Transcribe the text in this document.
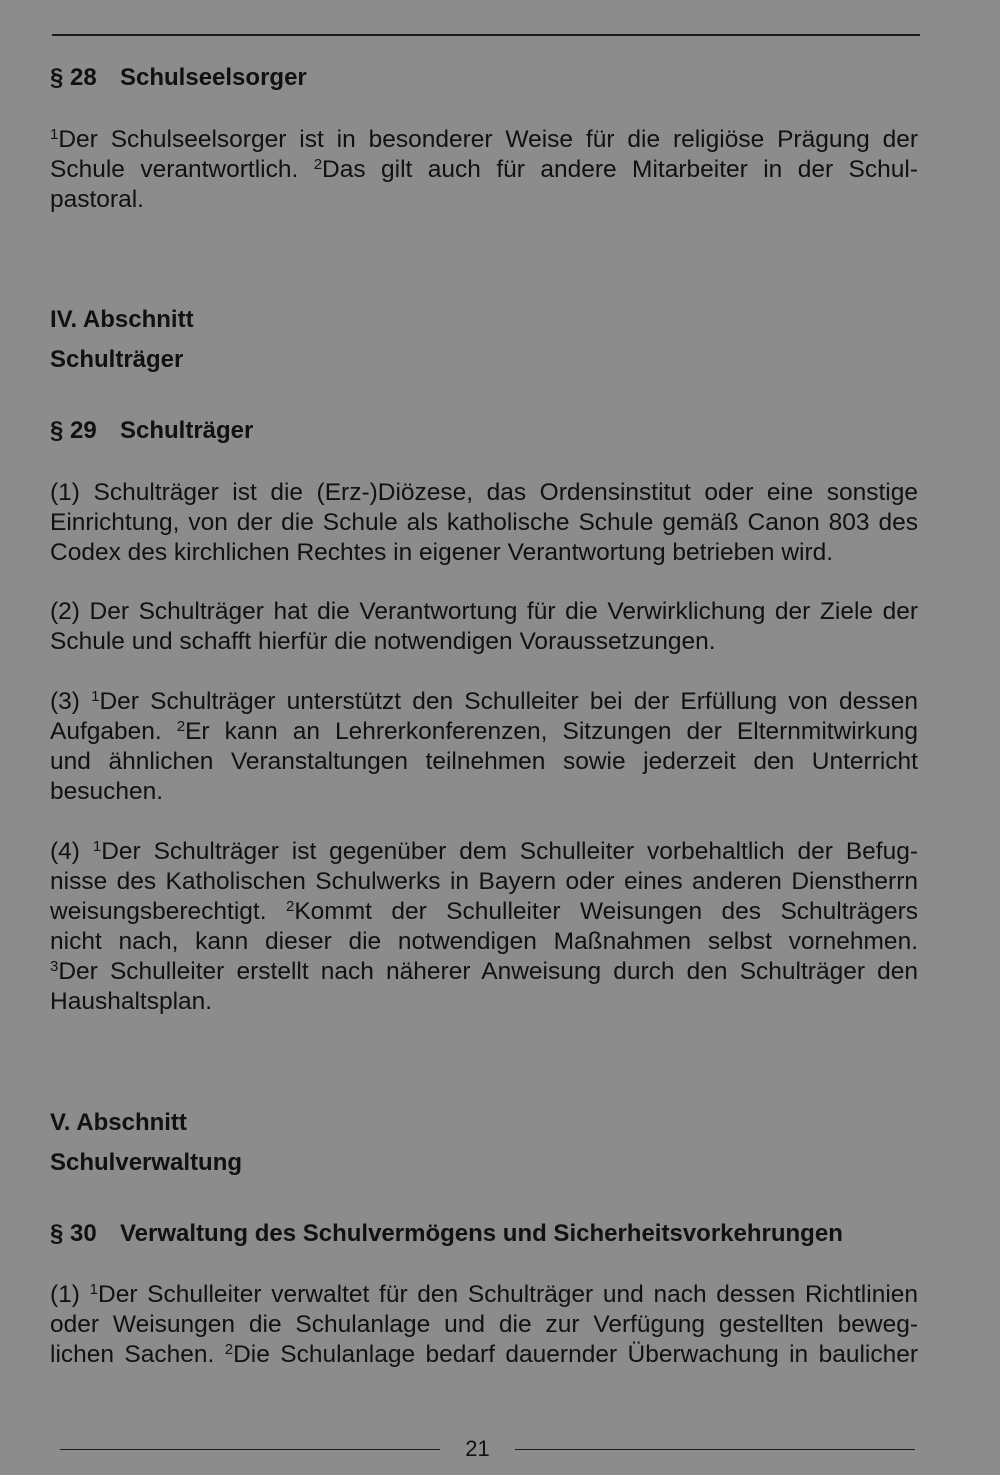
§ 28 Schulseelsorger
$^1$Der Schulseelsorger ist in besonderer Weise für die religiöse Prägung der
Schule verantwortlich. $^2$Das gilt auch für andere Mitarbeiter in der Schul-
pastoral.
IV. Abschnitt
Schulträger
§ 29 Schulträger
(1) Schulträger ist die (Erz-)Diözese, das Ordensinstitut oder eine sonstige
Einrichtung, von der die Schule als katholische Schule gemäß Canon 803 des
Codex des kirchlichen Rechtes in eigener Verantwortung betrieben wird.
(2) Der Schulträger hat die Verantwortung für die Verwirklichung der Ziele der
Schule und schafft hierfür die notwendigen Voraussetzungen.
(3) $^1$Der Schulträger unterstützt den Schulleiter bei der Erfüllung von dessen
Aufgaben. $^2$Er kann an Lehrerkonferenzen, Sitzungen der Elternmitwirkung
und ähnlichen Veranstaltungen teilnehmen sowie jederzeit den Unterricht
besuchen.
(4) $^1$Der Schulträger ist gegenüber dem Schulleiter vorbehaltlich der Befug-
nisse des Katholischen Schulwerks in Bayern oder eines anderen Dienstherrn
weisungsberechtigt. $^2$Kommt der Schulleiter Weisungen des Schulträgers
nicht nach, kann dieser die notwendigen Maßnahmen selbst vornehmen.
$^3$Der Schulleiter erstellt nach näherer Anweisung durch den Schulträger den
Haushaltsplan.
V. Abschnitt
Schulverwaltung
§ 30 Verwaltung des Schulvermögens und Sicherheitsvorkehrungen
(1) $^1$Der Schulleiter verwaltet für den Schulträger und nach dessen Richtlinien
oder Weisungen die Schulanlage und die zur Verfügung gestellten beweg-
lichen Sachen. $^2$Die Schulanlage bedarf dauernder Überwachung in baulicher
21
